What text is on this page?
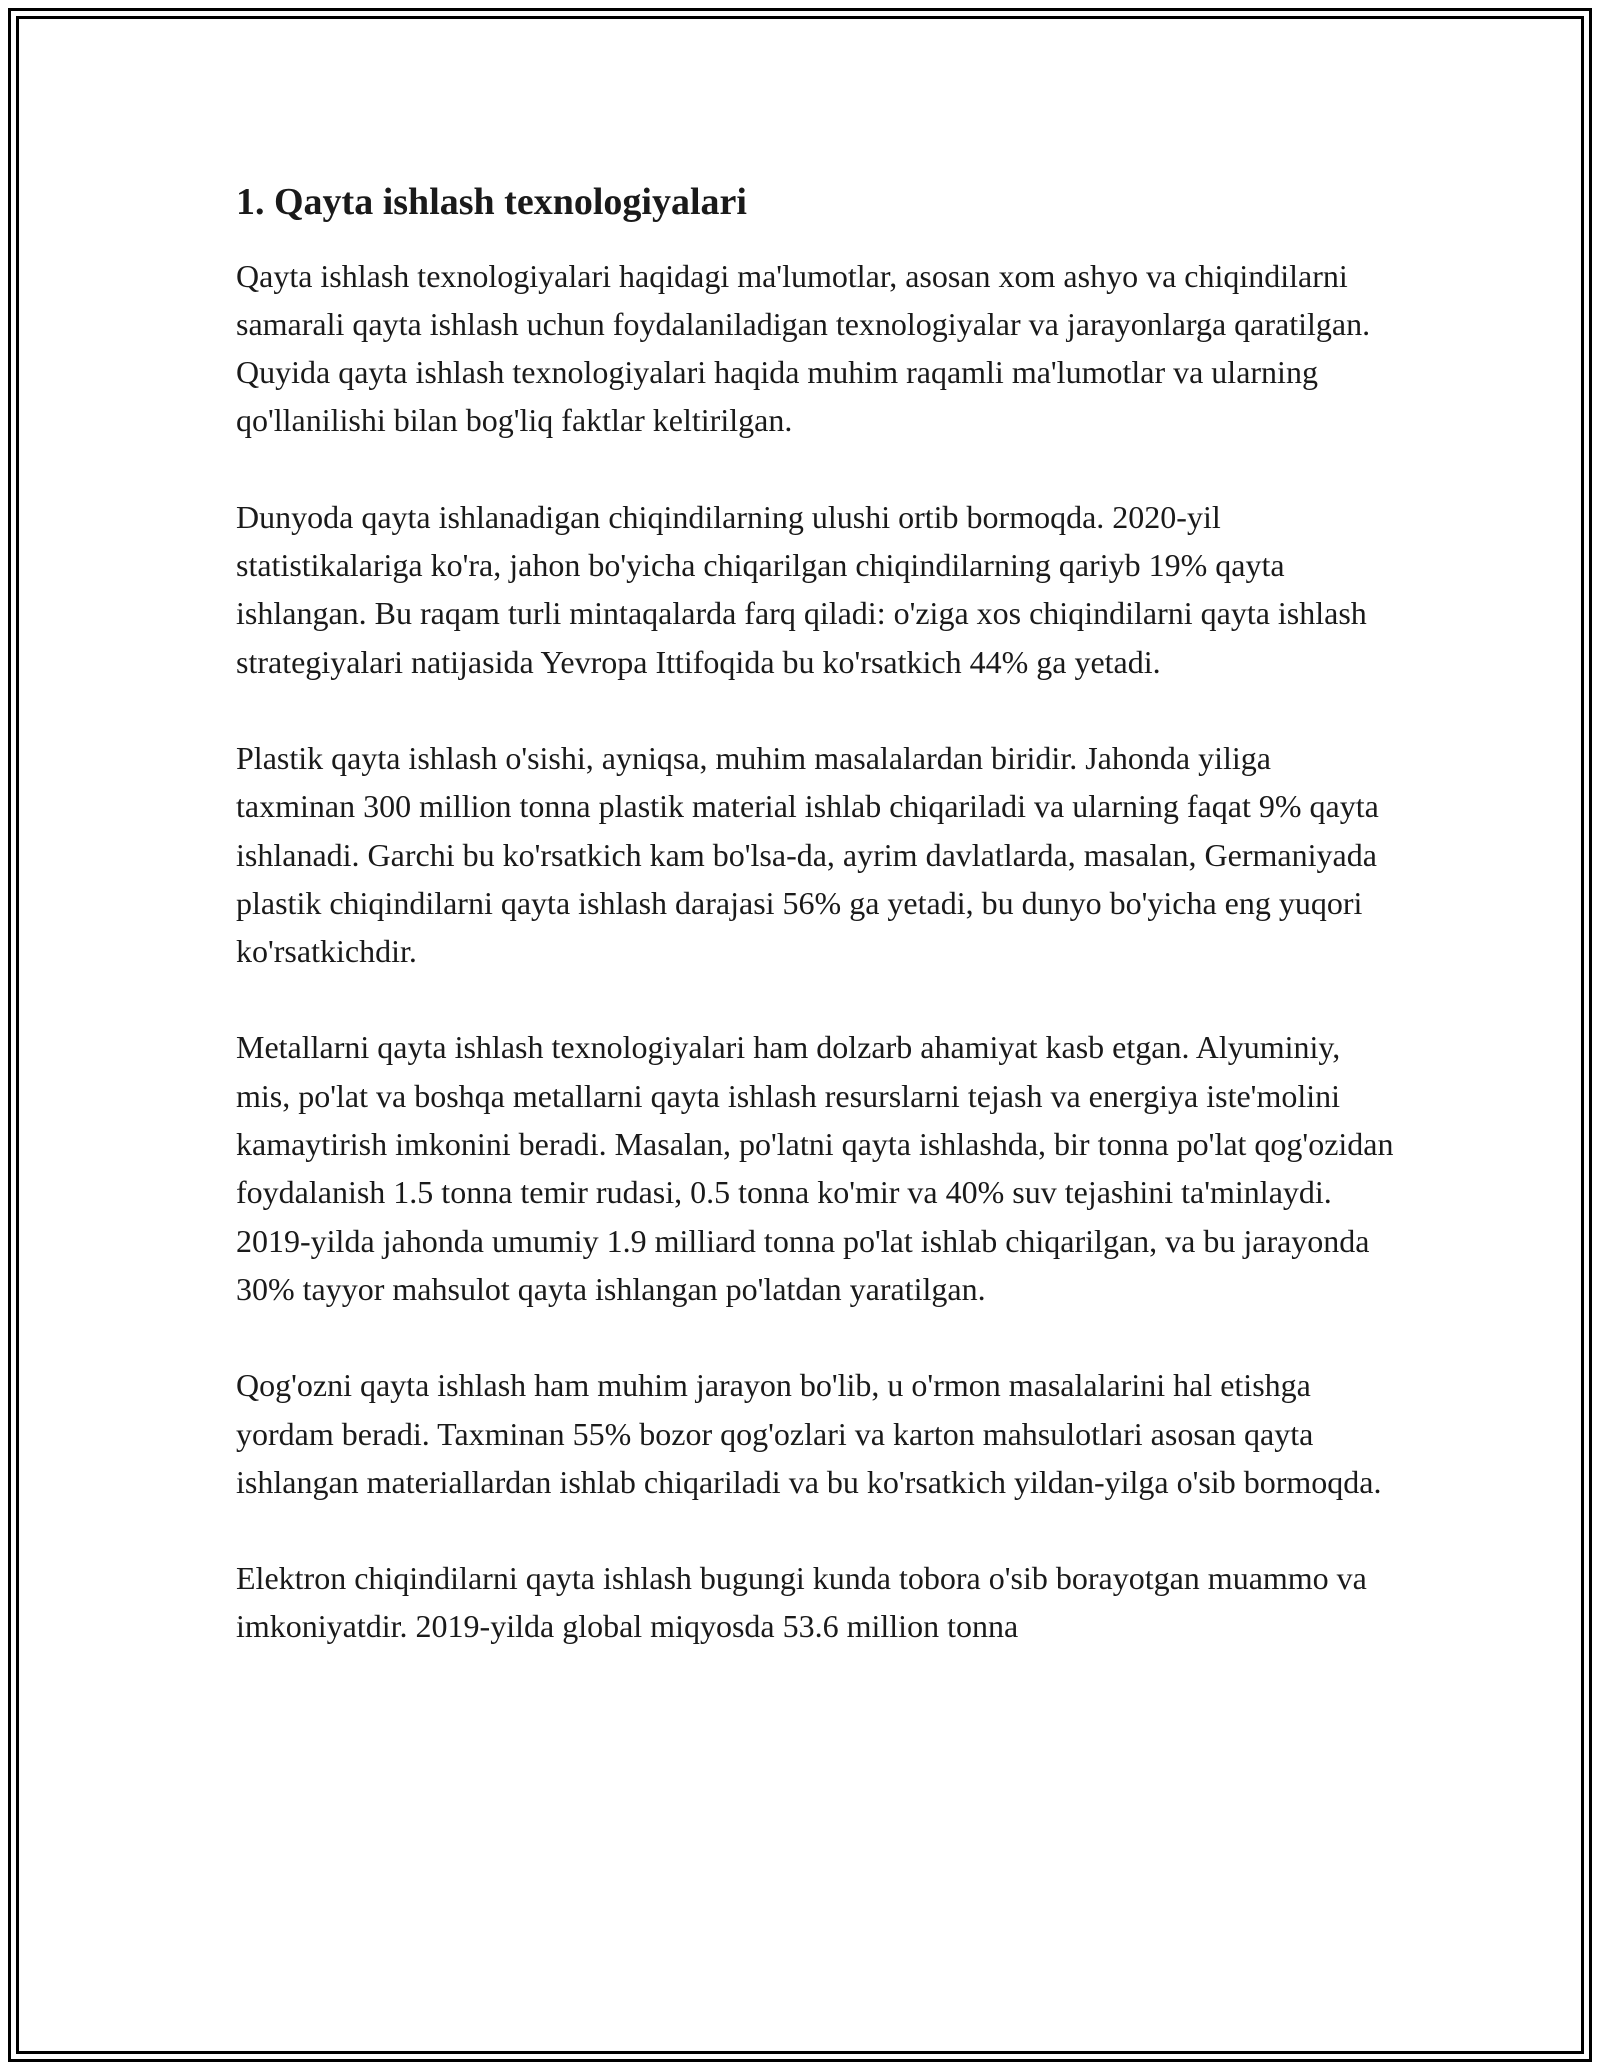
1. Qayta ishlash texnologiyalari

Qayta ishlash texnologiyalari haqidagi ma'lumotlar, asosan xom ashyo va chiqindilarni samarali qayta ishlash uchun foydalaniladigan texnologiyalar va jarayonlarga qaratilgan. Quyida qayta ishlash texnologiyalari haqida muhim raqamli ma'lumotlar va ularning qo'llanilishi bilan bog'liq faktlar keltirilgan.

Dunyoda qayta ishlanadigan chiqindilarning ulushi ortib bormoqda. 2020-yil statistikalariga ko'ra, jahon bo'yicha chiqarilgan chiqindilarning qariyb 19% qayta ishlangan. Bu raqam turli mintaqalarda farq qiladi: o'ziga xos chiqindilarni qayta ishlash strategiyalari natijasida Yevropa Ittifoqida bu ko'rsatkich 44% ga yetadi.

Plastik qayta ishlash o'sishi, ayniqsa, muhim masalalardan biridir. Jahonda yiliga taxminan 300 million tonna plastik material ishlab chiqariladi va ularning faqat 9% qayta ishlanadi. Garchi bu ko'rsatkich kam bo'lsa-da, ayrim davlatlarda, masalan, Germaniyada plastik chiqindilarni qayta ishlash darajasi 56% ga yetadi, bu dunyo bo'yicha eng yuqori ko'rsatkichdir.

Metallarni qayta ishlash texnologiyalari ham dolzarb ahamiyat kasb etgan. Alyuminiy, mis, po'lat va boshqa metallarni qayta ishlash resurslarni tejash va energiya iste'molini kamaytirish imkonini beradi. Masalan, po'latni qayta ishlashda, bir tonna po'lat qog'ozidan foydalanish 1.5 tonna temir rudasi, 0.5 tonna ko'mir va 40% suv tejashini ta'minlaydi. 2019-yilda jahonda umumiy 1.9 milliard tonna po'lat ishlab chiqarilgan, va bu jarayonda 30% tayyor mahsulot qayta ishlangan po'latdan yaratilgan.

Qog'ozni qayta ishlash ham muhim jarayon bo'lib, u o'rmon masalalarini hal etishga yordam beradi. Taxminan 55% bozor qog'ozlari va karton mahsulotlari asosan qayta ishlangan materiallardan ishlab chiqariladi va bu ko'rsatkich yildan-yilga o'sib bormoqda.

Elektron chiqindilarni qayta ishlash bugungi kunda tobora o'sib borayotgan muammo va imkoniyatdir. 2019-yilda global miqyosda 53.6 million tonna
